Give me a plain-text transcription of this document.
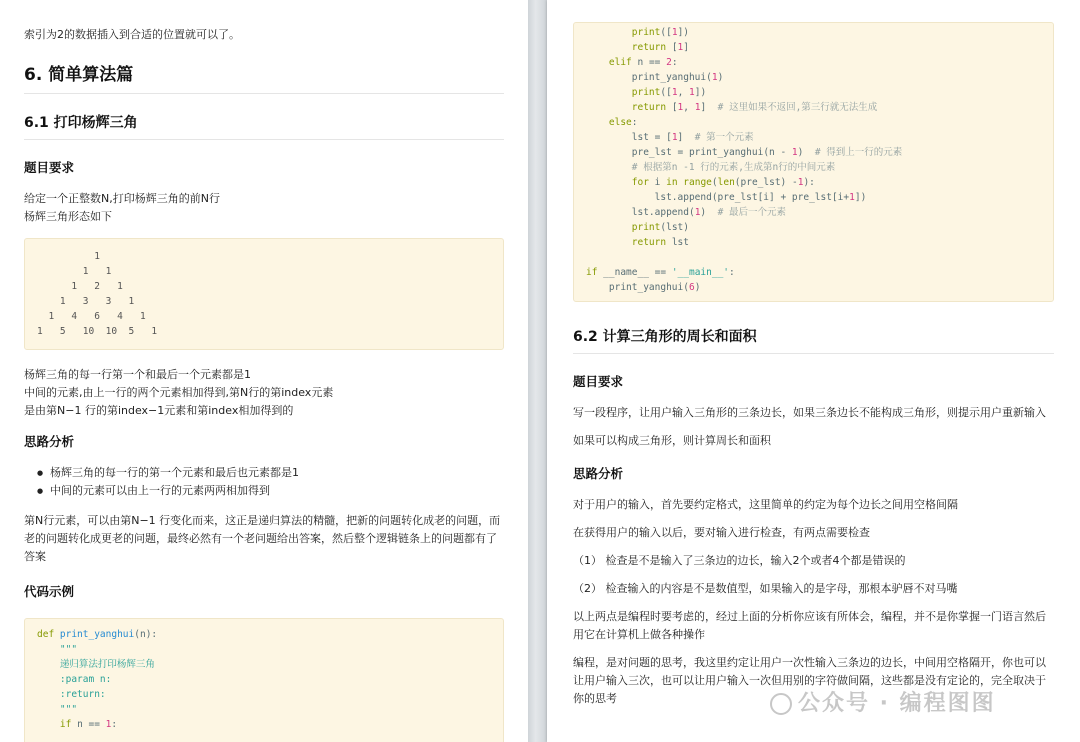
索引为2的数据插入到合适的位置就可以了。

6. 简单算法篇
6.1 打印杨辉三角
题目要求

给定一个正整数N,打印杨辉三角的前N行

杨辉三角形态如下

1
1   1
1   2   1
1   3   3   1
1   4   6   4   1
1   5   10  10  5   1

杨辉三角的每一行第一个和最后一个元素都是1

中间的元素,由上一行的两个元素相加得到,第N行的第index元素

是由第N−1 行的第index−1元素和第index相加得到的

思路分析
● 杨辉三角的每一行的第一个元素和最后也元素都是1
● 中间的元素可以由上一行的元素两两相加得到

第N行元素，可以由第N−1 行变化而来，这正是递归算法的精髓，把新的问题转化成老的问题，而老的问题转化成更老的问题，最终必然有一个老问题给出答案，然后整个逻辑链条上的问题都有了答案

代码示例
def print_yanghui(n):
"""
递归算法打印杨辉三角
:param n:
:return:
"""
if n == 1:
print([1])
return [1]
elif n == 2:
print_yanghui(1)
print([1, 1])
return [1, 1]  # 这里如果不返回,第三行就无法生成
else:
lst = [1]  # 第一个元素
pre_lst = print_yanghui(n - 1)  # 得到上一行的元素
# 根据第n -1 行的元素,生成第n行的中间元素
for i in range(len(pre_lst) -1):
lst.append(pre_lst[i] + pre_lst[i+1])
lst.append(1)  # 最后一个元素
print(lst)
return lst
if __name__ == '__main__':
print_yanghui(6)
6.2 计算三角形的周长和面积
题目要求

写一段程序，让用户输入三角形的三条边长，如果三条边长不能构成三角形，则提示用户重新输入

如果可以构成三角形，则计算周长和面积

思路分析

对于用户的输入，首先要约定格式，这里简单的约定为每个边长之间用空格间隔

在获得用户的输入以后，要对输入进行检查，有两点需要检查

（1） 检查是不是输入了三条边的边长，输入2个或者4个都是错误的

（2） 检查输入的内容是不是数值型，如果输入的是字母，那根本驴唇不对马嘴

以上两点是编程时要考虑的，经过上面的分析你应该有所体会，编程，并不是你掌握一门语言然后用它在计算机上做各种操作

编程，是对问题的思考，我这里约定让用户一次性输入三条边的边长，中间用空格隔开，你也可以让用户输入三次，也可以让用户输入一次但用别的字符做间隔，这些都是没有定论的，完全取决于你的思考	公众号 · 编程图图
